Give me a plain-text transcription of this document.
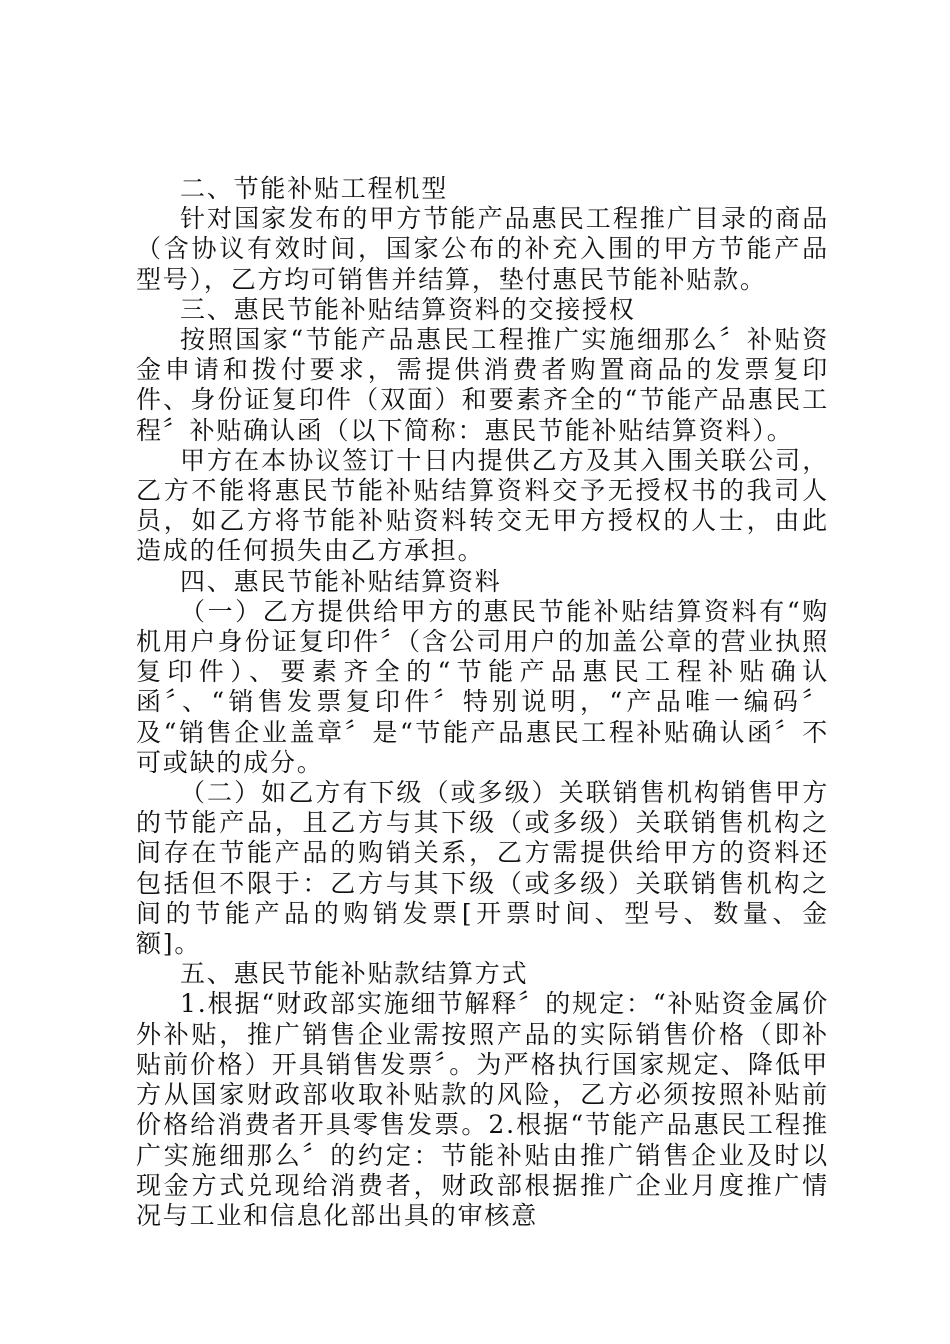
二、节能补贴工程机型

针对国家发布的甲方节能产品惠民工程推广目录的商品（含协议有效时间，国家公布的补充入围的甲方节能产品型号），乙方均可销售并结算，垫付惠民节能补贴款。

三、惠民节能补贴结算资料的交接授权

按照国家“节能产品惠民工程推广实施细那么〞补贴资金申请和拨付要求，需提供消费者购置商品的发票复印件、身份证复印件（双面）和要素齐全的“节能产品惠民工程〞补贴确认函（以下简称：惠民节能补贴结算资料）。

甲方在本协议签订十日内提供乙方及其入围关联公司，乙方不能将惠民节能补贴结算资料交予无授权书的我司人员，如乙方将节能补贴资料转交无甲方授权的人士，由此造成的任何损失由乙方承担。

四、惠民节能补贴结算资料

（一）乙方提供给甲方的惠民节能补贴结算资料有“购机用户身份证复印件〞（含公司用户的加盖公章的营业执照复印件）、要素齐全的“节能产品惠民工程补贴确认函〞、“销售发票复印件〞特别说明，“产品唯一编码〞及“销售企业盖章〞是“节能产品惠民工程补贴确认函〞不可或缺的成分。

（二）如乙方有下级（或多级）关联销售机构销售甲方的节能产品，且乙方与其下级（或多级）关联销售机构之间存在节能产品的购销关系，乙方需提供给甲方的资料还包括但不限于：乙方与其下级（或多级）关联销售机构之间的节能产品的购销发票[开票时间、型号、数量、金额]。

五、惠民节能补贴款结算方式

1.根据“财政部实施细节解释〞的规定：“补贴资金属价外补贴，推广销售企业需按照产品的实际销售价格（即补贴前价格）开具销售发票〞。为严格执行国家规定、降低甲方从国家财政部收取补贴款的风险，乙方必须按照补贴前价格给消费者开具零售发票。2.根据“节能产品惠民工程推广实施细那么〞的约定：节能补贴由推广销售企业及时以现金方式兑现给消费者，财政部根据推广企业月度推广情况与工业和信息化部出具的审核意
